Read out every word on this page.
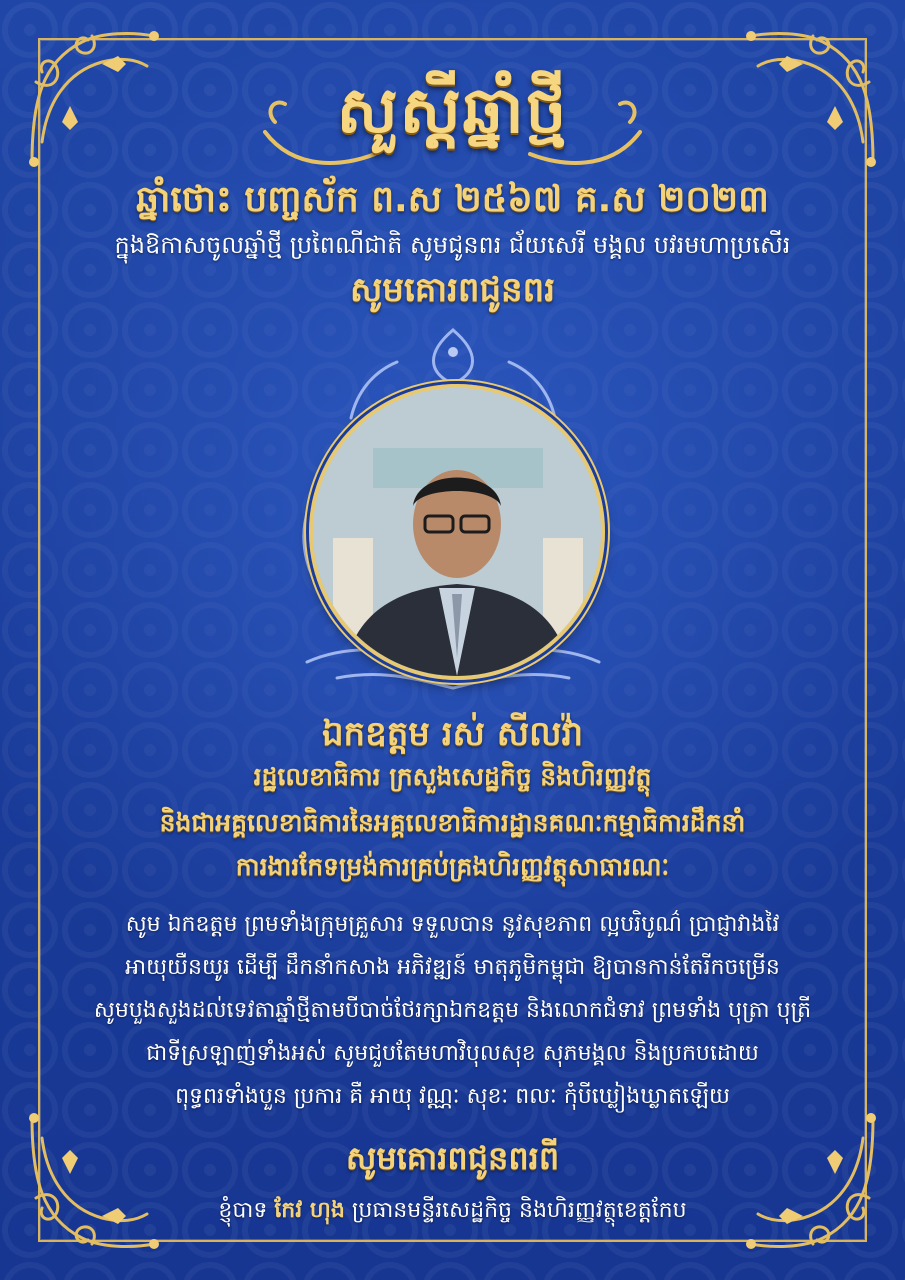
សួស្តីឆ្នាំថ្មី
ឆ្នាំថោះ បញ្ចស័ក ព.ស ២៥៦៧ គ.ស ២០២៣
ក្នុងឱកាសចូលឆ្នាំថ្មី ប្រពៃណីជាតិ សូមជូនពរ ជ័យសេរី មង្គល បវរមហាប្រសើរ
សូមគោរពជូនពរ
ឯកឧត្តម រស់ សីលវ៉ា
រដ្ឋលេខាធិការ ក្រសួងសេដ្ឋកិច្ច និងហិរញ្ញវត្ថុ
និងជាអគ្គលេខាធិការនៃអគ្គលេខាធិការដ្ឋានគណៈកម្មាធិការដឹកនាំ
ការងារកែទម្រង់ការគ្រប់គ្រងហិរញ្ញវត្ថុសាធារណៈ
សូម ឯកឧត្តម ព្រមទាំងក្រុមគ្រួសារ ទទួលបាន នូវសុខភាព ល្អបរិបូណ៌ ប្រាជ្ញាវាងវៃ
អាយុយឺនយូរ ដើម្បី ដឹកនាំកសាង អភិវឌ្ឍន៍ មាតុភូមិកម្ពុជា ឱ្យបានកាន់តែរីកចម្រើន
សូមបួងសួងដល់ទេវតាឆ្នាំថ្មីតាមបីបាច់ថែរក្សាឯកឧត្តម និងលោកជំទាវ ព្រមទាំង បុត្រា បុត្រី
ជាទីស្រឡាញ់ទាំងអស់ សូមជួបតែមហាវិបុលសុខ សុភមង្គល និងប្រកបដោយ
ពុទ្ធពរទាំងបួន ប្រការ គឺ អាយុ វណ្ណៈ សុខៈ ពលៈ កុំបីឃ្លៀងឃ្លាតឡើយ
សូមគោរពជូនពរពី
ខ្ញុំបាទ កែវ ហុង ប្រធានមន្ទីរសេដ្ឋកិច្ច និងហិរញ្ញវត្ថុខេត្តកែប
